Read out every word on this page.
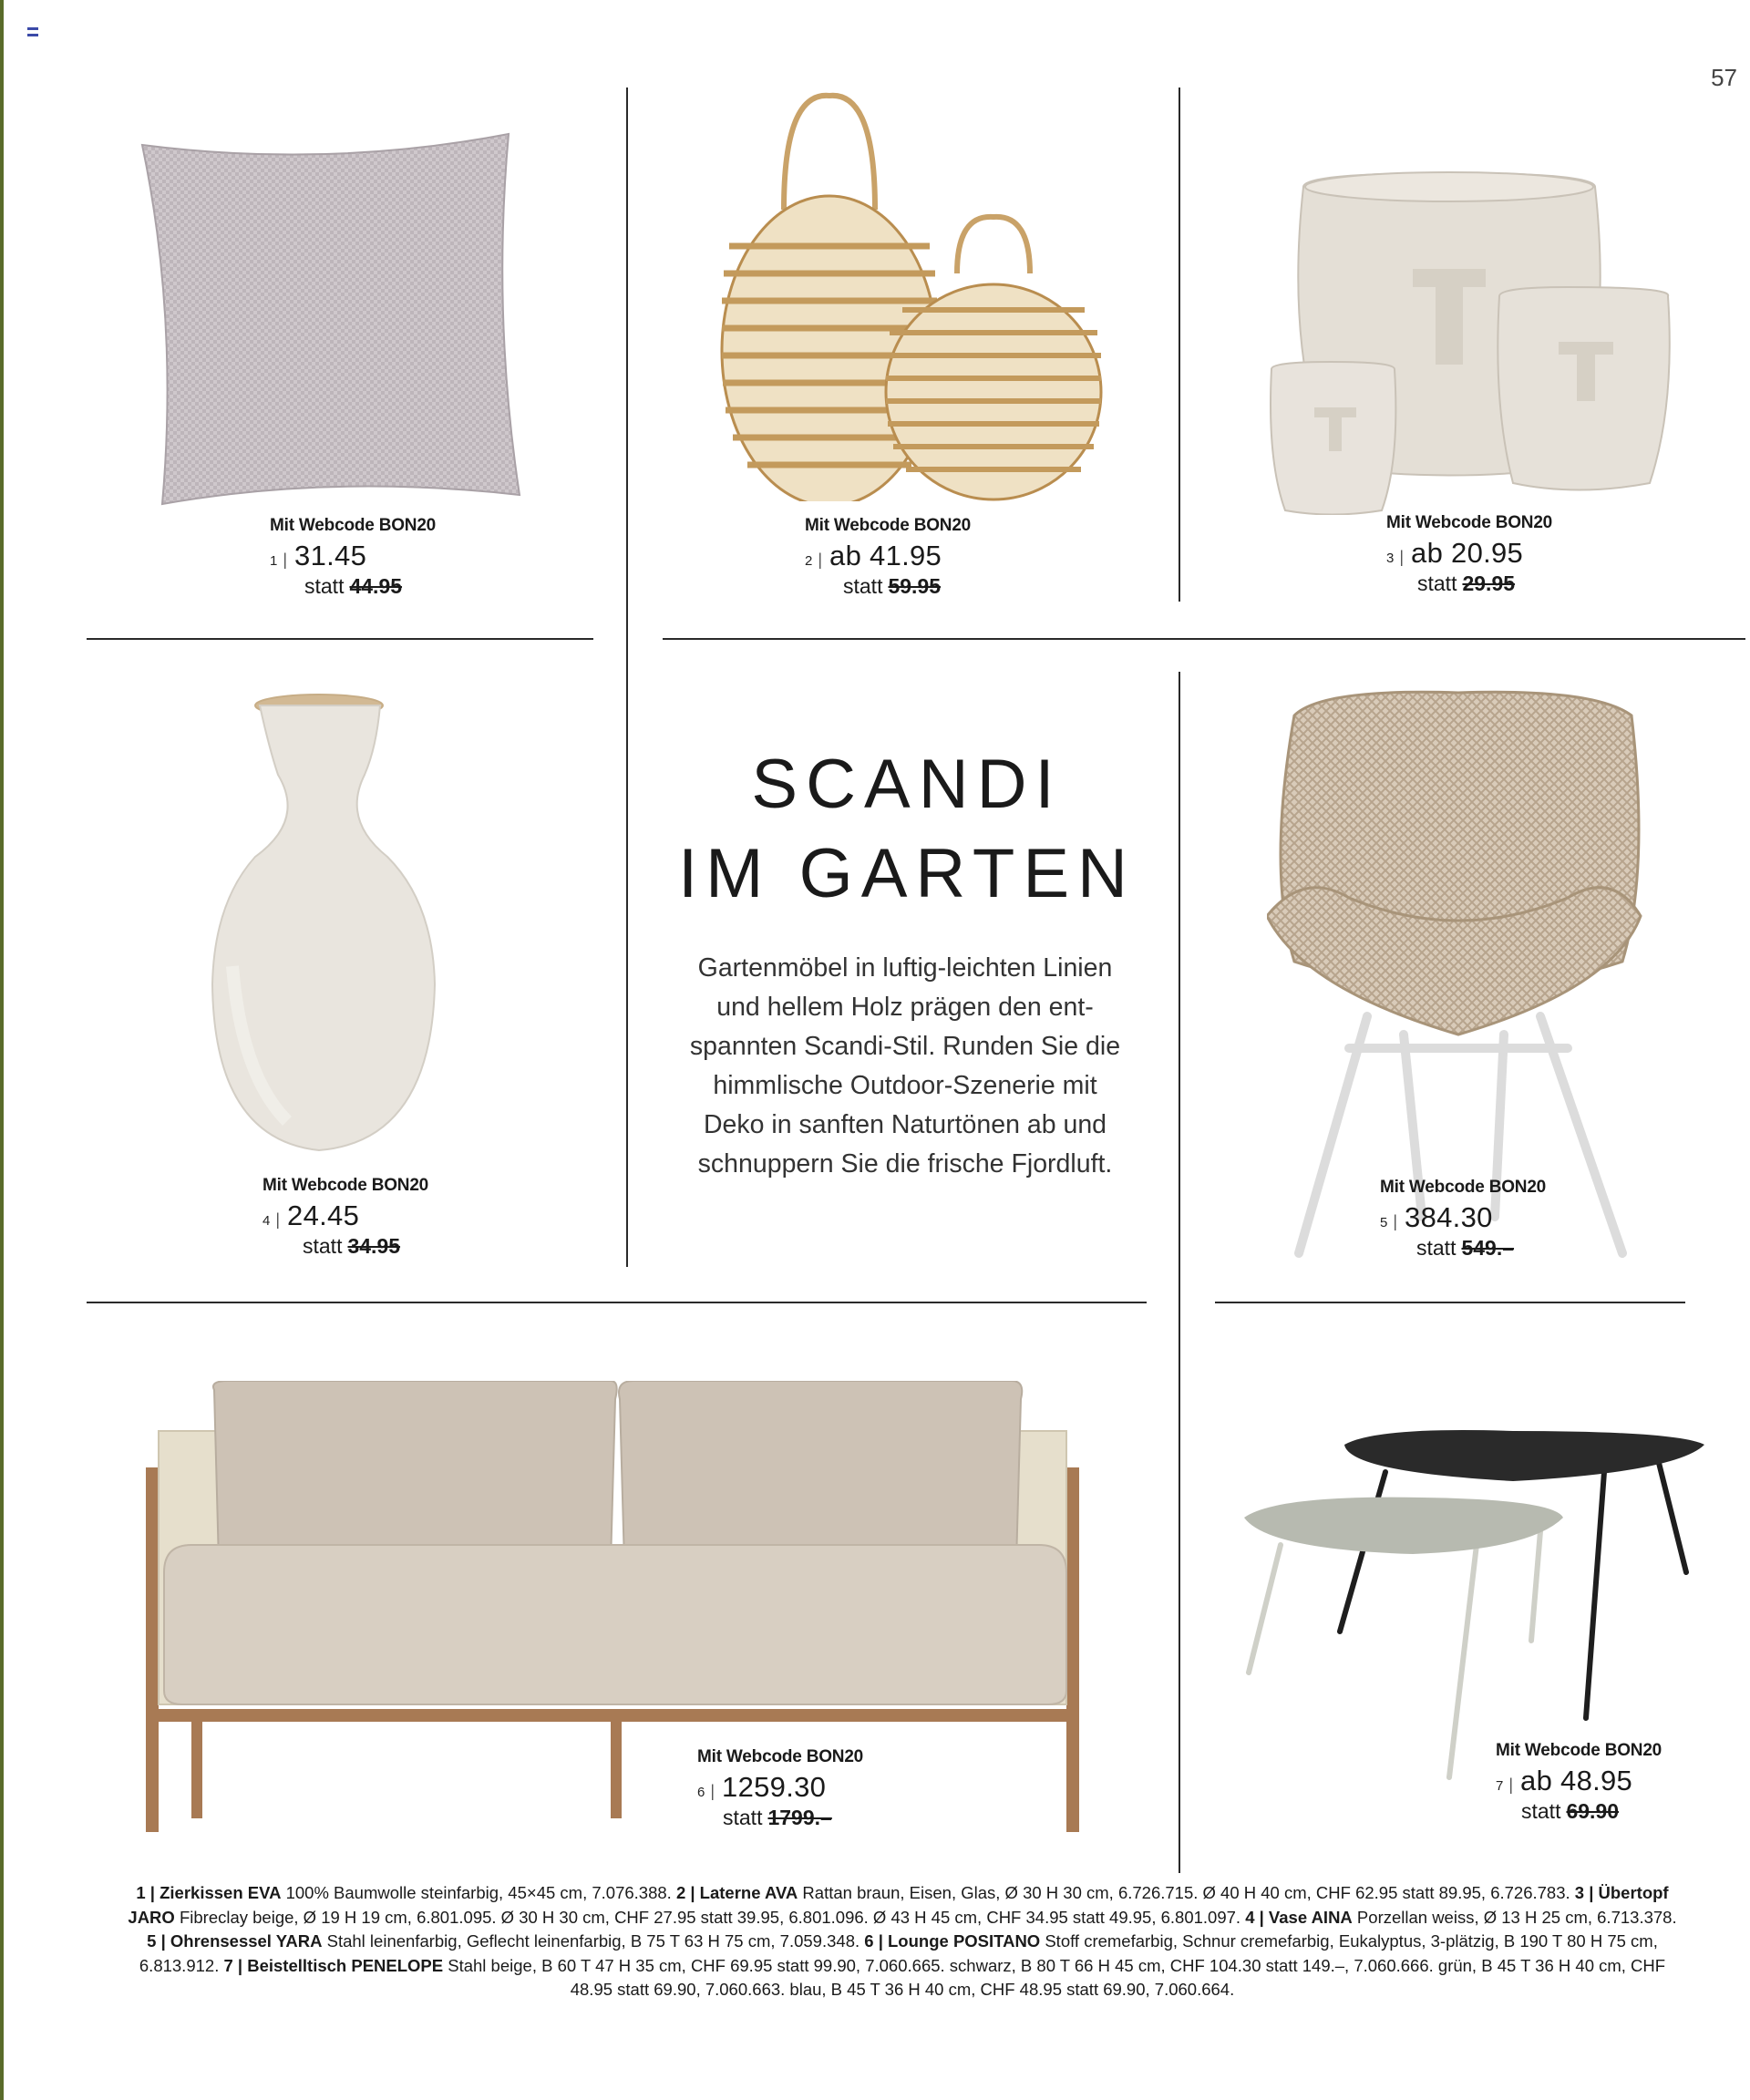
57
Mit Webcode BON20
1 | 31.45
statt 44.95
Mit Webcode BON20
2 | ab 41.95
statt 59.95
Mit Webcode BON20
3 | ab 20.95
statt 29.95
SCANDI
IM GARTEN
Gartenmöbel in luftig-leichten Linien
und hellem Holz prägen den ent-
spannten Scandi-Stil. Runden Sie die
himmlische Outdoor-Szenerie mit
Deko in sanften Naturtönen ab und
schnuppern Sie die frische Fjordluft.
Mit Webcode BON20
4 | 24.45
statt 34.95
Mit Webcode BON20
5 | 384.30
statt 549.–
Mit Webcode BON20
6 | 1259.30
statt 1799.–
Mit Webcode BON20
7 | ab 48.95
statt 69.90
1 | Zierkissen EVA 100% Baumwolle steinfarbig, 45×45 cm, 7.076.388. 2 | Laterne AVA Rattan braun, Eisen, Glas, Ø 30 H 30 cm, 6.726.715. Ø 40 H 40 cm, CHF 62.95 statt 89.95, 6.726.783. 3 | Übertopf JARO Fibreclay beige, Ø 19 H 19 cm, 6.801.095. Ø 30 H 30 cm, CHF 27.95 statt 39.95, 6.801.096. Ø 43 H 45 cm, CHF 34.95 statt 49.95, 6.801.097. 4 | Vase AINA Porzellan weiss, Ø 13 H 25 cm, 6.713.378. 5 | Ohrensessel YARA Stahl leinenfarbig, Geflecht leinenfarbig, B 75 T 63 H 75 cm, 7.059.348. 6 | Lounge POSITANO Stoff cremefarbig, Schnur cremefarbig, Eukalyptus, 3-plätzig, B 190 T 80 H 75 cm, 6.813.912. 7 | Beistelltisch PENELOPE Stahl beige, B 60 T 47 H 35 cm, CHF 69.95 statt 99.90, 7.060.665. schwarz, B 80 T 66 H 45 cm, CHF 104.30 statt 149.–, 7.060.666. grün, B 45 T 36 H 40 cm, CHF 48.95 statt 69.90, 7.060.663. blau, B 45 T 36 H 40 cm, CHF 48.95 statt 69.90, 7.060.664.
